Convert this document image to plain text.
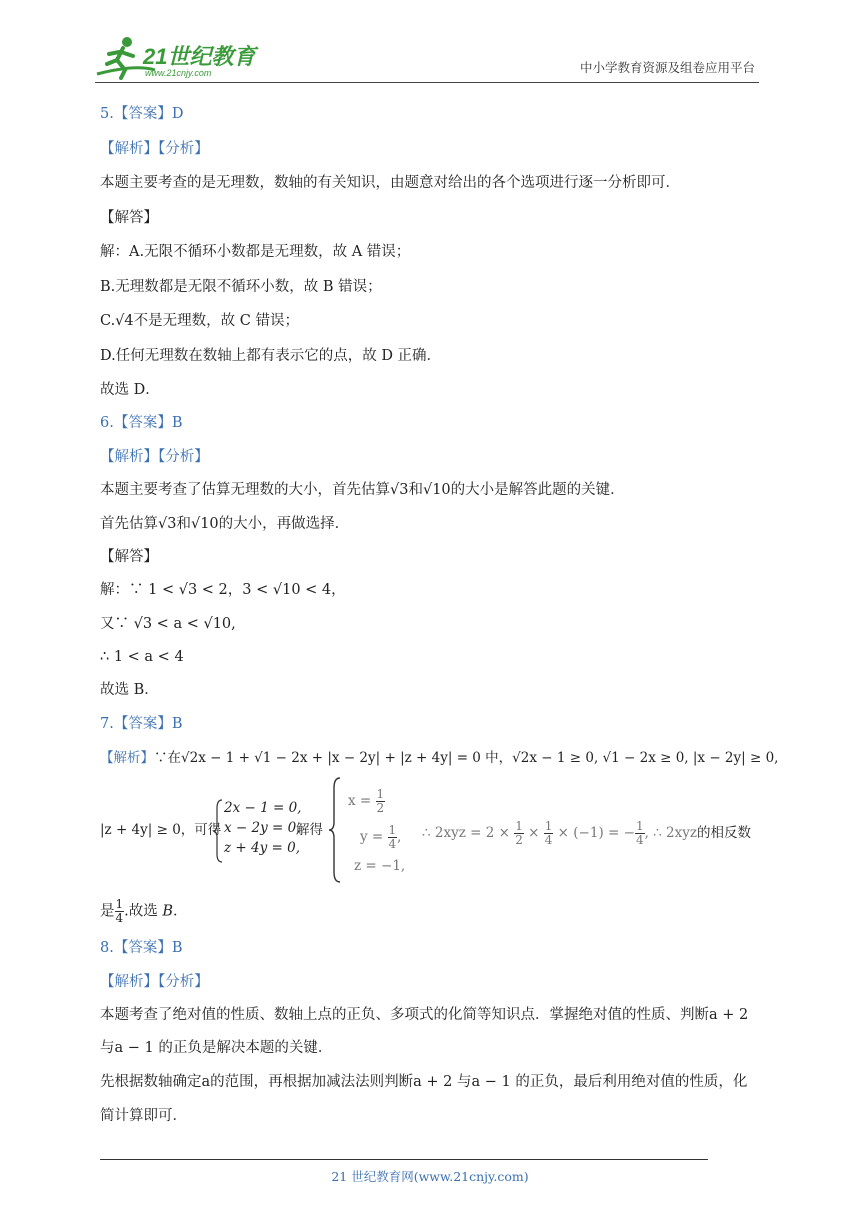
21世纪教育
www.21cnjy.com	中小学教育资源及组卷应用平台
5.【答案】D
【解析】【分析】
本题主要考查的是无理数，数轴的有关知识，由题意对给出的各个选项进行逐一分析即可．
【解答】
解：A.无限不循环小数都是无理数，故 A 错误；
B.无理数都是无限不循环小数，故 B 错误；
C.√4不是无理数，故 C 错误；
D.任何无理数在数轴上都有表示它的点，故 D 正确．
故选 D．
6.【答案】B
【解析】【分析】
本题主要考查了估算无理数的大小，首先估算√3和√10的大小是解答此题的关键．
首先估算√3和√10的大小，再做选择．
【解答】
解：∵ 1 < √3 < 2，3 < √10 < 4，
又∵ √3 < a < √10,
∴ 1 < a < 4
故选 B．
7.【答案】B
【解析】∵在√2x − 1 + √1 − 2x + |x − 2y| + |z + 4y| = 0 中，√2x − 1 ≥ 0, √1 − 2x ≥ 0, |x − 2y| ≥ 0,
|z + 4y| ≥ 0，可得
2x − 1 = 0,
x − 2y = 0,
z + 4y = 0,
解得
$x = \frac{1}{2}$
$y = \frac{1}{4}$ ,
z = −1,
∴ $2xyz = 2 \times \frac{1}{2} \times \frac{1}{4} \times (-1)$ = − $\frac{1}{4}$ , ∴ 2xyz的相反数
是 $\frac{1}{4}$ .故选 B．
8.【答案】B
【解析】【分析】
本题考查了绝对值的性质、数轴上点的正负、多项式的化简等知识点．掌握绝对值的性质、判断a + 2
与a − 1 的正负是解决本题的关键．
先根据数轴确定a的范围，再根据加减法法则判断a + 2 与a − 1 的正负，最后利用绝对值的性质，化
简计算即可．
21 世纪教育网(www.21cnjy.com)
